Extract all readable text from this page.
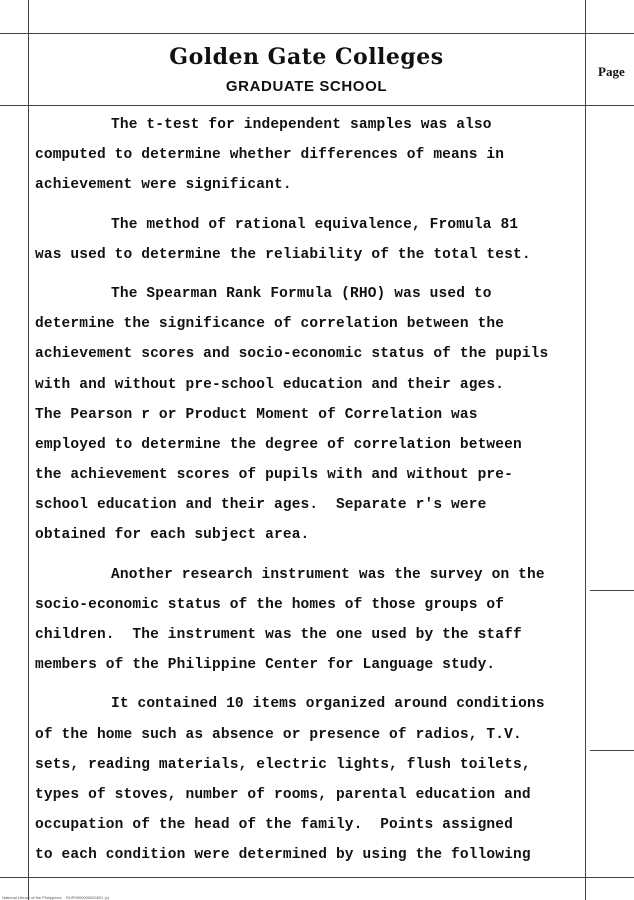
Golden Gate Colleges
GRADUATE SCHOOL
Page
The t-test for independent samples was also
computed to determine whether differences of means in
achievement were significant.
The method of rational equivalence, Fromula 81
was used to determine the reliability of the total test.
The Spearman Rank Formula (RHO) was used to
determine the significance of correlation between the
achievement scores and socio-economic status of the pupils
with and without pre-school education and their ages.
The Pearson r or Product Moment of Correlation was
employed to determine the degree of correlation between
the achievement scores of pupils with and without pre-
school education and their ages.  Separate r's were
obtained for each subject area.
Another research instrument was the survey on the
socio-economic status of the homes of those groups of
children.  The instrument was the one used by the staff
members of the Philippine Center for Language study.
It contained 10 items organized around conditions
of the home such as absence or presence of radios, T.V.
sets, reading materials, electric lights, flush toilets,
types of stoves, number of rooms, parental education and
occupation of the head of the family.  Points assigned
to each condition were determined by using the following
National Library of the Philippines    RUP0000000000001 (c)
